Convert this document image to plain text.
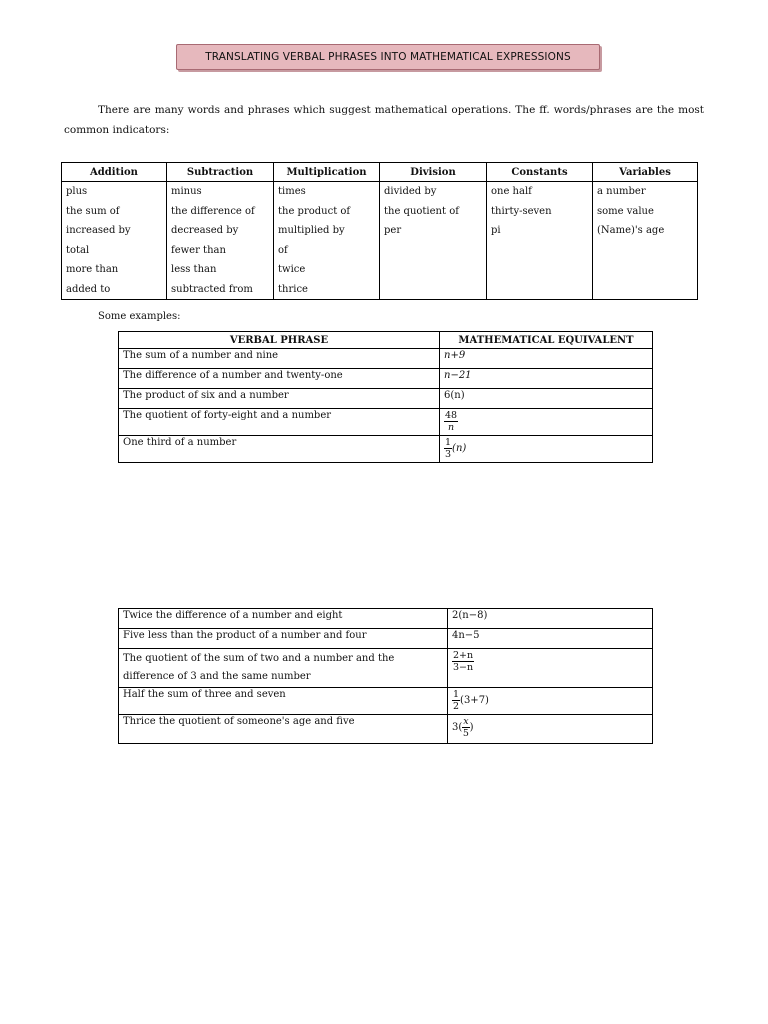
TRANSLATING VERBAL PHRASES INTO MATHEMATICAL EXPRESSIONS

There are many words and phrases which suggest mathematical operations. The ff. words/phrases are the most common indicators:

Addition	Subtraction	Multiplication	Division	Constants	Variables
plus	minus	times	divided by	one half	a number
the sum of	the difference of	the product of	the quotient of	thirty-seven	some value
increased by	decreased by	multiplied by	per	pi	(Name)'s age
total	fewer than	of			
more than	less than	twice			
added to	subtracted from	thrice			
Some examples:
VERBAL PHRASE	MATHEMATICAL EQUIVALENT
The sum of a number and nine	n+9
The difference of a number and twenty-one	n−21
The product of six and a number	6(n)
The quotient of forty-eight and a number	$\frac{48}{n}$

One third of a number	$\frac{1}{3} (n)$
Twice the difference of a number and eight	2(n−8)
Five less than the product of a number and four	4n−5
The quotient of the sum of two and a number and the difference of 3 and the same number	$\frac{2+n}{3-n}$

Half the sum of three and seven	$\frac{1}{2} (3+7)$
Thrice the quotient of someone's age and five	$3( \frac{x}{5}$ )
